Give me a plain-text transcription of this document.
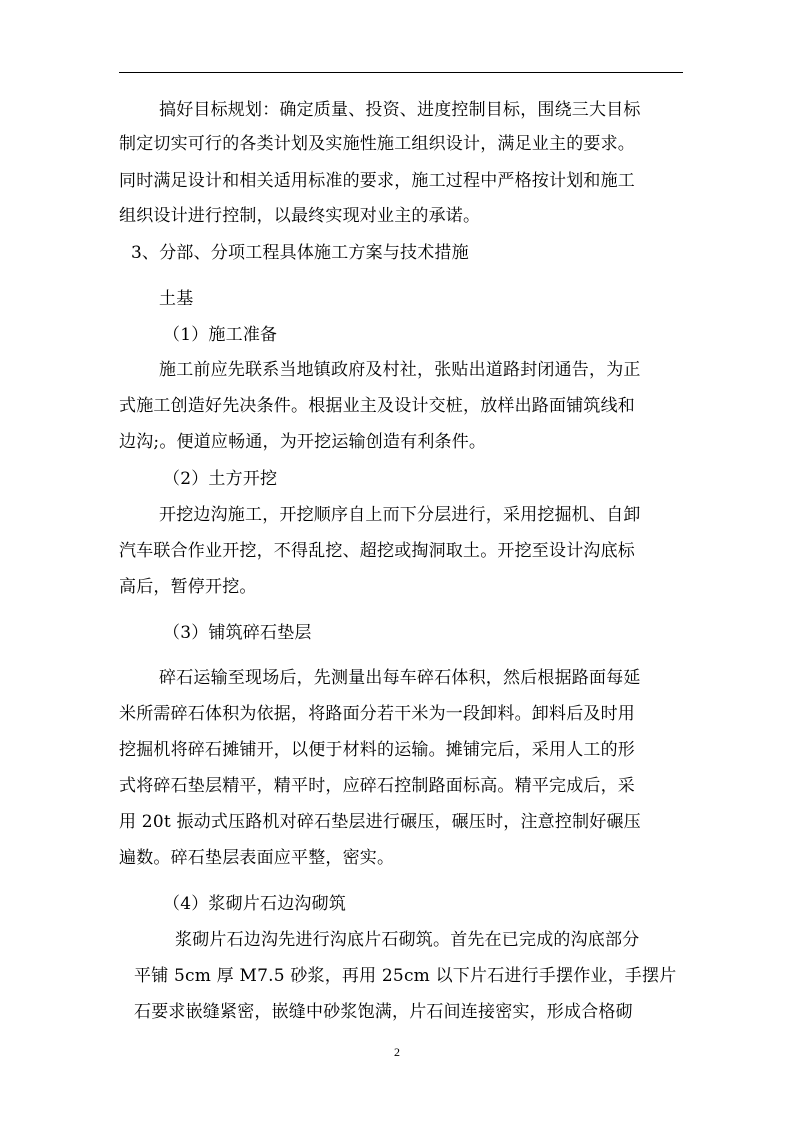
搞好目标规划：确定质量、投资、进度控制目标，围绕三大目标
制定切实可行的各类计划及实施性施工组织设计，满足业主的要求。
同时满足设计和相关适用标准的要求，施工过程中严格按计划和施工
组织设计进行控制，以最终实现对业主的承诺。
3、分部、分项工程具体施工方案与技术措施
土基
（1）施工准备
施工前应先联系当地镇政府及村社，张贴出道路封闭通告，为正
式施工创造好先决条件。根据业主及设计交桩，放样出路面铺筑线和
边沟;。便道应畅通，为开挖运输创造有利条件。
（2）土方开挖
开挖边沟施工，开挖顺序自上而下分层进行，采用挖掘机、自卸
汽车联合作业开挖，不得乱挖、超挖或掏洞取土。开挖至设计沟底标
高后，暂停开挖。
（3）铺筑碎石垫层
碎石运输至现场后，先测量出每车碎石体积，然后根据路面每延
米所需碎石体积为依据，将路面分若干米为一段卸料。卸料后及时用
挖掘机将碎石摊铺开，以便于材料的运输。摊铺完后，采用人工的形
式将碎石垫层精平，精平时，应碎石控制路面标高。精平完成后，采
用 20t 振动式压路机对碎石垫层进行碾压，碾压时，注意控制好碾压
遍数。碎石垫层表面应平整，密实。
（4）浆砌片石边沟砌筑
浆砌片石边沟先进行沟底片石砌筑。首先在已完成的沟底部分
平铺 5cm 厚 M7.5 砂浆，再用 25cm 以下片石进行手摆作业，手摆片
石要求嵌缝紧密，嵌缝中砂浆饱满，片石间连接密实，形成合格砌
2
